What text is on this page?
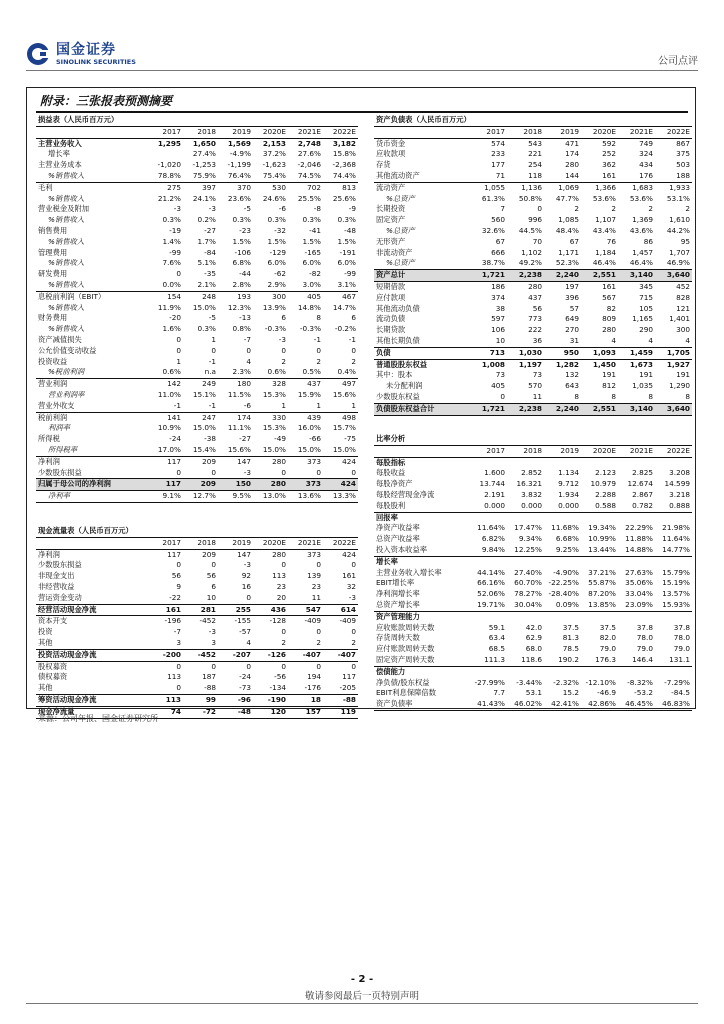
国金证券
SINOLINK SECURITIES	公司点评
附录：三张报表预测摘要
损益表（人民币百万元）						
	2017	2018	2019	2020E	2021E	2022E
主营业务收入	1,295	1,650	1,569	2,153	2,748	3,182
增长率		27.4%	-4.9%	37.2%	27.6%	15.8%
主营业务成本	-1,020	-1,253	-1,199	-1,623	-2,046	-2,368
%销售收入	78.8%	75.9%	76.4%	75.4%	74.5%	74.4%
毛利	275	397	370	530	702	813
%销售收入	21.2%	24.1%	23.6%	24.6%	25.5%	25.6%
营业税金及附加	-3	-3	-5	-6	-8	-9
%销售收入	0.3%	0.2%	0.3%	0.3%	0.3%	0.3%
销售费用	-19	-27	-23	-32	-41	-48
%销售收入	1.4%	1.7%	1.5%	1.5%	1.5%	1.5%
管理费用	-99	-84	-106	-129	-165	-191
%销售收入	7.6%	5.1%	6.8%	6.0%	6.0%	6.0%
研发费用	0	-35	-44	-62	-82	-99
%销售收入	0.0%	2.1%	2.8%	2.9%	3.0%	3.1%
息税前利润（EBIT）	154	248	193	300	405	467
%销售收入	11.9%	15.0%	12.3%	13.9%	14.8%	14.7%
财务费用	-20	-5	-13	6	8	6
%销售收入	1.6%	0.3%	0.8%	-0.3%	-0.3%	-0.2%
资产减值损失	0	1	-7	-3	-1	-1
公允价值变动收益	0	0	0	0	0	0
投资收益	1	-1	4	2	2	2
%税前利润	0.6%	n.a	2.3%	0.6%	0.5%	0.4%
营业利润	142	249	180	328	437	497
营业利润率	11.0%	15.1%	11.5%	15.3%	15.9%	15.6%
营业外收支	-1	-1	-6	1	1	1
税前利润	141	247	174	330	439	498
利润率	10.9%	15.0%	11.1%	15.3%	16.0%	15.7%
所得税	-24	-38	-27	-49	-66	-75
所得税率	17.0%	15.4%	15.6%	15.0%	15.0%	15.0%
净利润	117	209	147	280	373	424
少数股东损益	0	0	-3	0	0	0
归属于母公司的净利润	117	209	150	280	373	424
净利率	9.1%	12.7%	9.5%	13.0%	13.6%	13.3%
现金流量表（人民币百万元）						
	2017	2018	2019	2020E	2021E	2022E
净利润	117	209	147	280	373	424
少数股东损益	0	0	-3	0	0	0
非现金支出	56	56	92	113	139	161
非经营收益	9	6	16	23	23	32
营运资金变动	-22	10	0	20	11	-3
经营活动现金净流	161	281	255	436	547	614
资本开支	-196	-452	-155	-128	-409	-409
投资	-7	-3	-57	0	0	0
其他	3	3	4	2	2	2
投资活动现金净流	-200	-452	-207	-126	-407	-407
股权募资	0	0	0	0	0	0
债权募资	113	187	-24	-56	194	117
其他	0	-88	-73	-134	-176	-205
筹资活动现金净流	113	99	-96	-190	18	-88
现金净流量	74	-72	-48	120	157	119
资产负债表（人民币百万元）						
	2017	2018	2019	2020E	2021E	2022E
货币资金	574	543	471	592	749	867
应收款项	233	221	174	252	324	375
存货	177	254	280	362	434	503
其他流动资产	71	118	144	161	176	188
流动资产	1,055	1,136	1,069	1,366	1,683	1,933
%总资产	61.3%	50.8%	47.7%	53.6%	53.6%	53.1%
长期投资	7	0	2	2	2	2
固定资产	560	996	1,085	1,107	1,369	1,610
%总资产	32.6%	44.5%	48.4%	43.4%	43.6%	44.2%
无形资产	67	70	67	76	86	95
非流动资产	666	1,102	1,171	1,184	1,457	1,707
%总资产	38.7%	49.2%	52.3%	46.4%	46.4%	46.9%
资产总计	1,721	2,238	2,240	2,551	3,140	3,640
短期借款	186	280	197	161	345	452
应付款项	374	437	396	567	715	828
其他流动负债	38	56	57	82	105	121
流动负债	597	773	649	809	1,165	1,401
长期贷款	106	222	270	280	290	300
其他长期负债	10	36	31	4	4	4
负债	713	1,030	950	1,093	1,459	1,705
普通股股东权益	1,008	1,197	1,282	1,450	1,673	1,927
其中：股本	73	73	132	191	191	191
未分配利润	405	570	643	812	1,035	1,290
少数股东权益	0	11	8	8	8	8
负债股东权益合计	1,721	2,238	2,240	2,551	3,140	3,640
比率分析						
	2017	2018	2019	2020E	2021E	2022E
每股指标						
每股收益	1.600	2.852	1.134	2.123	2.825	3.208
每股净资产	13.744	16.321	9.712	10.979	12.674	14.599
每股经营现金净流	2.191	3.832	1.934	2.288	2.867	3.218
每股股利	0.000	0.000	0.000	0.588	0.782	0.888
回报率						
净资产收益率	11.64%	17.47%	11.68%	19.34%	22.29%	21.98%
总资产收益率	6.82%	9.34%	6.68%	10.99%	11.88%	11.64%
投入资本收益率	9.84%	12.25%	9.25%	13.44%	14.88%	14.77%
增长率						
主营业务收入增长率	44.14%	27.40%	-4.90%	37.21%	27.63%	15.79%
EBIT增长率	66.16%	60.70%	-22.25%	55.87%	35.06%	15.19%
净利润增长率	52.06%	78.27%	-28.40%	87.20%	33.04%	13.57%
总资产增长率	19.71%	30.04%	0.09%	13.85%	23.09%	15.93%
资产管理能力						
应收账款周转天数	59.1	42.0	37.5	37.5	37.8	37.8
存货周转天数	63.4	62.9	81.3	82.0	78.0	78.0
应付账款周转天数	68.5	68.0	78.5	79.0	79.0	79.0
固定资产周转天数	111.3	118.6	190.2	176.3	146.4	131.1
偿债能力						
净负债/股东权益	-27.99%	-3.44%	-2.32%	-12.10%	-8.32%	-7.29%
EBIT利息保障倍数	7.7	53.1	15.2	-46.9	-53.2	-84.5
资产负债率	41.43%	46.02%	42.41%	42.86%	46.45%	46.83%
来源：公司年报、国金证券研究所
- 2 -
敬请参阅最后一页特别声明
